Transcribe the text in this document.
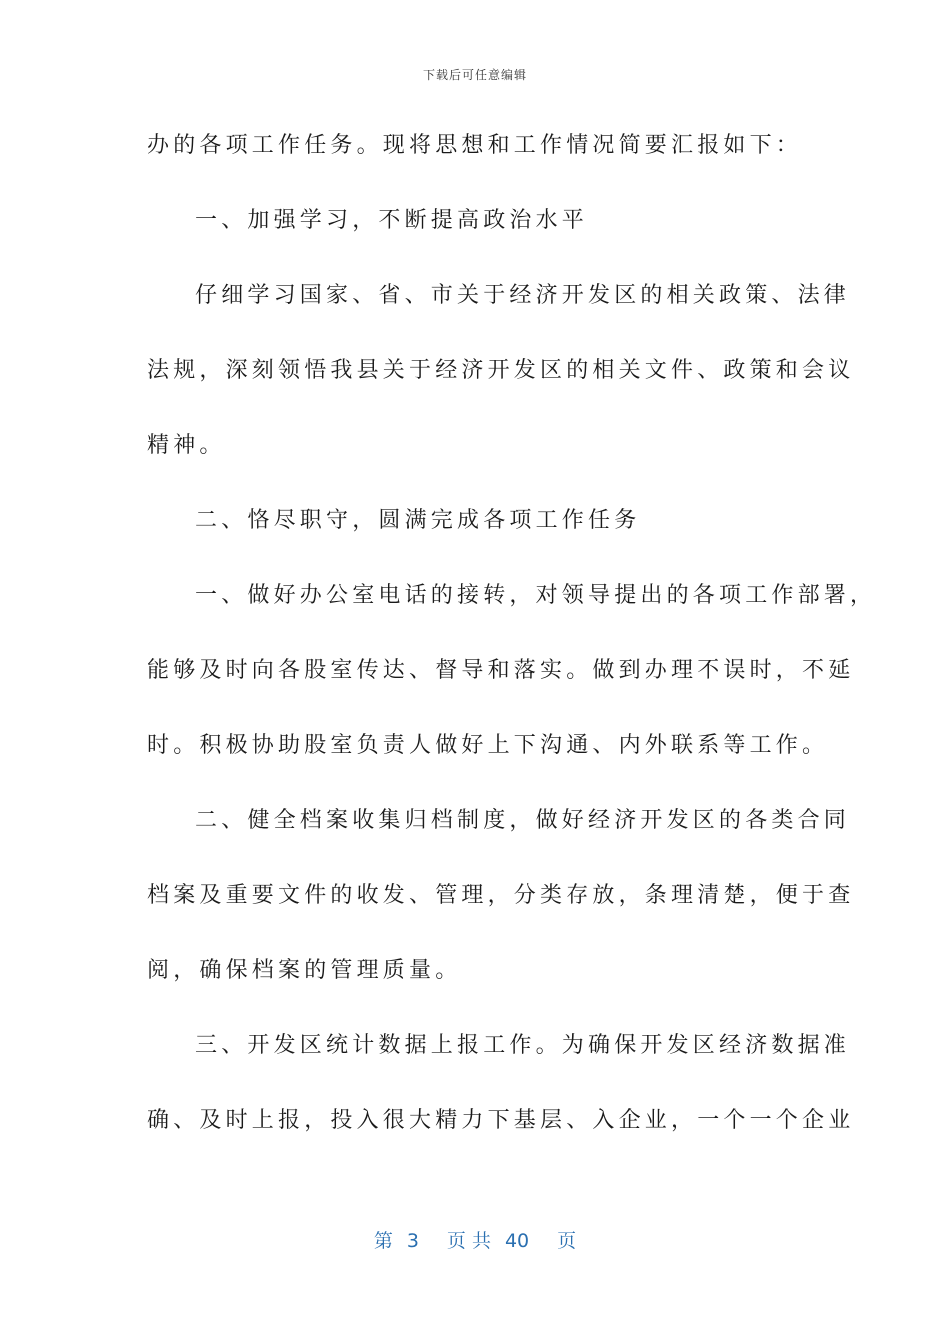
下载后可任意编辑
办的各项工作任务。现将思想和工作情况简要汇报如下：
一、加强学习，不断提高政治水平
仔细学习国家、省、市关于经济开发区的相关政策、法律
法规，深刻领悟我县关于经济开发区的相关文件、政策和会议
精神。
二、恪尽职守，圆满完成各项工作任务
一、做好办公室电话的接转，对领导提出的各项工作部署，
能够及时向各股室传达、督导和落实。做到办理不误时，不延
时。积极协助股室负责人做好上下沟通、内外联系等工作。
二、健全档案收集归档制度，做好经济开发区的各类合同
档案及重要文件的收发、管理，分类存放，条理清楚，便于查
阅，确保档案的管理质量。
三、开发区统计数据上报工作。为确保开发区经济数据准
确、及时上报，投入很大精力下基层、入企业，一个一个企业
第 3 页 共 40 页
